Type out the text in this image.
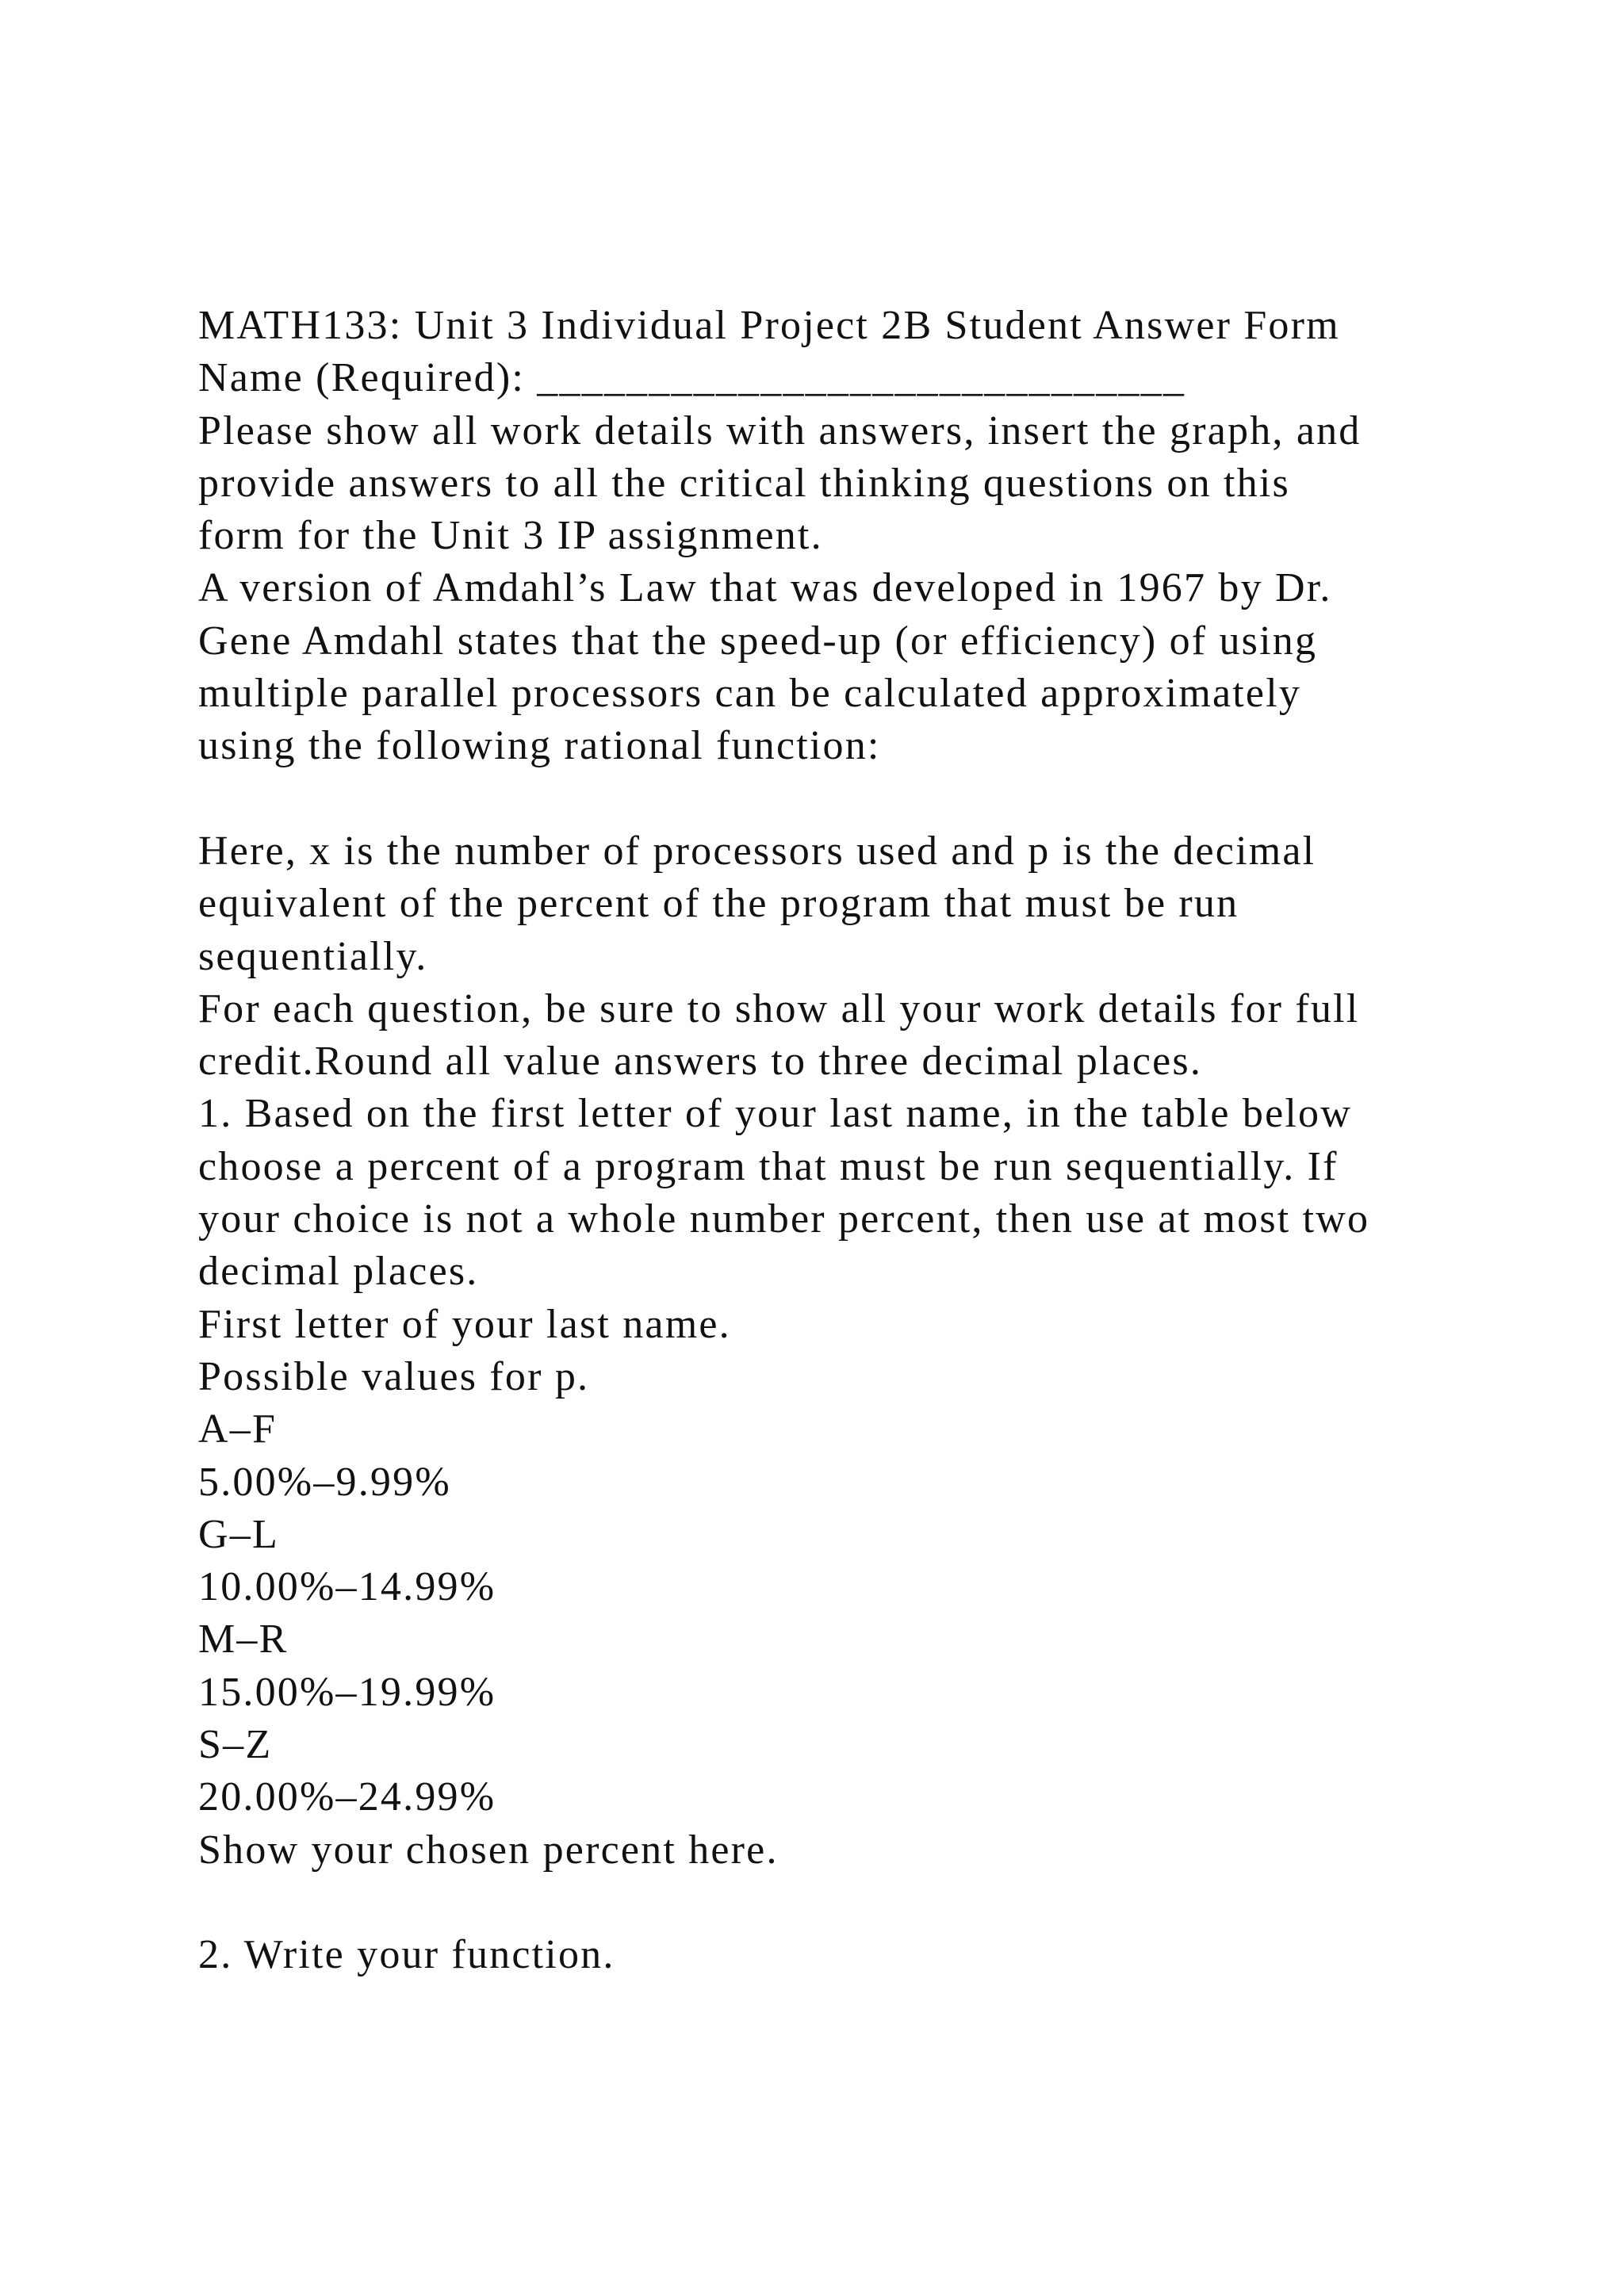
MATH133: Unit 3 Individual Project 2B Student Answer Form
Name (Required): _____________________________
Please show all work details with answers, insert the graph, and
provide answers to all the critical thinking questions on this
form for the Unit 3 IP assignment.
A version of Amdahl’s Law that was developed in 1967 by Dr.
Gene Amdahl states that the speed-up (or efficiency) of using
multiple parallel processors can be calculated approximately
using the following rational function:
Here, x is the number of processors used and p is the decimal
equivalent of the percent of the program that must be run
sequentially.
For each question, be sure to show all your work details for full
credit.Round all value answers to three decimal places.
1. Based on the first letter of your last name, in the table below
choose a percent of a program that must be run sequentially. If
your choice is not a whole number percent, then use at most two
decimal places.
First letter of your last name.
Possible values for p.
A–F
5.00%–9.99%
G–L
10.00%–14.99%
M–R
15.00%–19.99%
S–Z
20.00%–24.99%
Show your chosen percent here.
2. Write your function.
